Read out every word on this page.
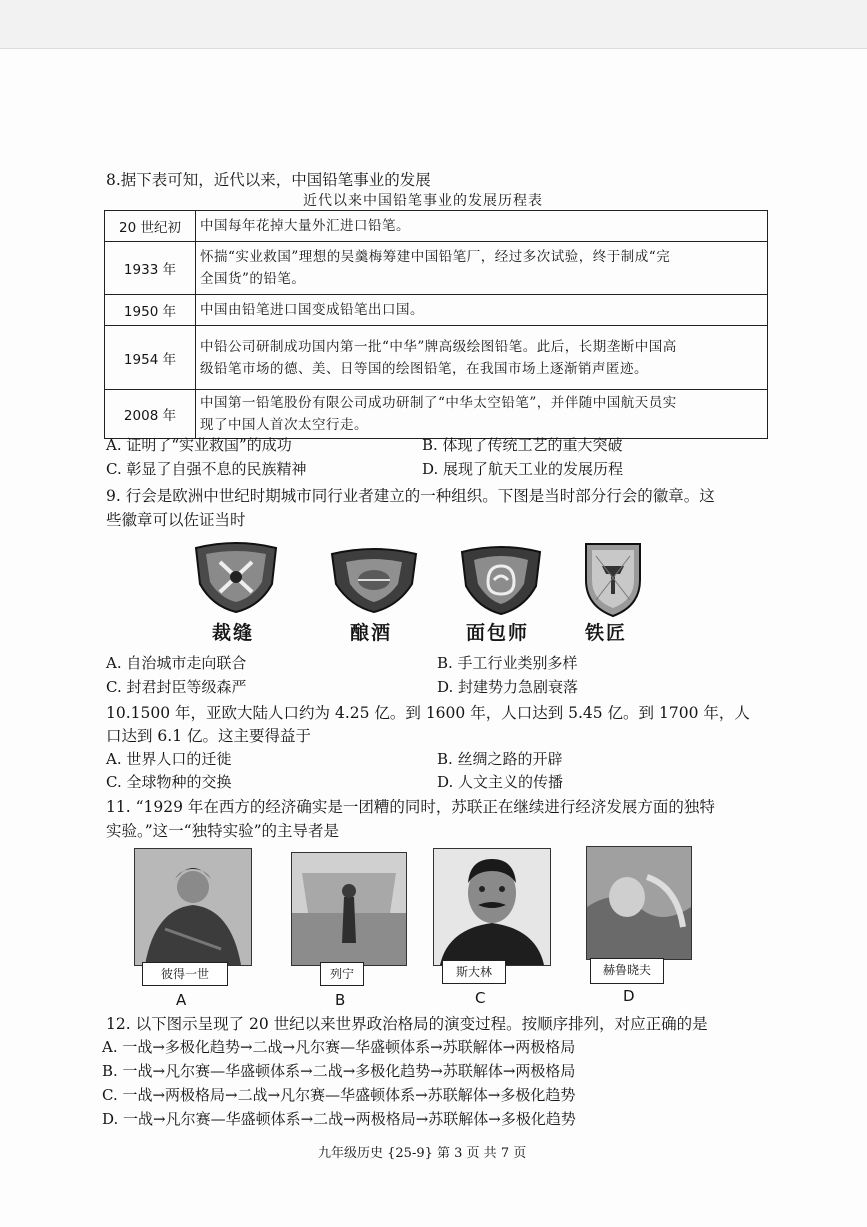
8.据下表可知，近代以来，中国铅笔事业的发展
近代以来中国铅笔事业的发展历程表
20 世纪初	中国每年花掉大量外汇进口铅笔。
1933 年	怀揣“实业救国”理想的吴羹梅筹建中国铅笔厂，经过多次试验，终于制成“完
全国货”的铅笔。
1950 年	中国由铅笔进口国变成铅笔出口国。
1954 年	中铅公司研制成功国内第一批“中华”牌高级绘图铅笔。此后，长期垄断中国高
级铅笔市场的德、美、日等国的绘图铅笔，在我国市场上逐渐销声匿迹。
2008 年	中国第一铅笔股份有限公司成功研制了“中华太空铅笔”，并伴随中国航天员实
现了中国人首次太空行走。
A. 证明了“实业救国”的成功	B. 体现了传统工艺的重大突破
C. 彰显了自强不息的民族精神	D. 展现了航天工业的发展历程
9. 行会是欧洲中世纪时期城市同行业者建立的一种组织。下图是当时部分行会的徽章。这
些徽章可以佐证当时
裁缝	酿酒	面包师	铁匠
A. 自治城市走向联合	B. 手工行业类别多样
C. 封君封臣等级森严	D. 封建势力急剧衰落
10.1500 年，亚欧大陆人口约为 4.25 亿。到 1600 年，人口达到 5.45 亿。到 1700 年，人
口达到 6.1 亿。这主要得益于
A. 世界人口的迁徙	B. 丝绸之路的开辟
C. 全球物种的交换	D. 人文主义的传播
11. “1929 年在西方的经济确实是一团糟的同时，苏联正在继续进行经济发展方面的独特
实验。”这一“独特实验”的主导者是
彼得一世	列宁	斯大林	赫鲁晓夫
A	B	C	D
12. 以下图示呈现了 20 世纪以来世界政治格局的演变过程。按顺序排列，对应正确的是
A. 一战→多极化趋势→二战→凡尔赛—华盛顿体系→苏联解体→两极格局
B. 一战→凡尔赛—华盛顿体系→二战→多极化趋势→苏联解体→两极格局
C. 一战→两极格局→二战→凡尔赛—华盛顿体系→苏联解体→多极化趋势
D. 一战→凡尔赛—华盛顿体系→二战→两极格局→苏联解体→多极化趋势
九年级历史 {25-9} 第 3 页 共 7 页
